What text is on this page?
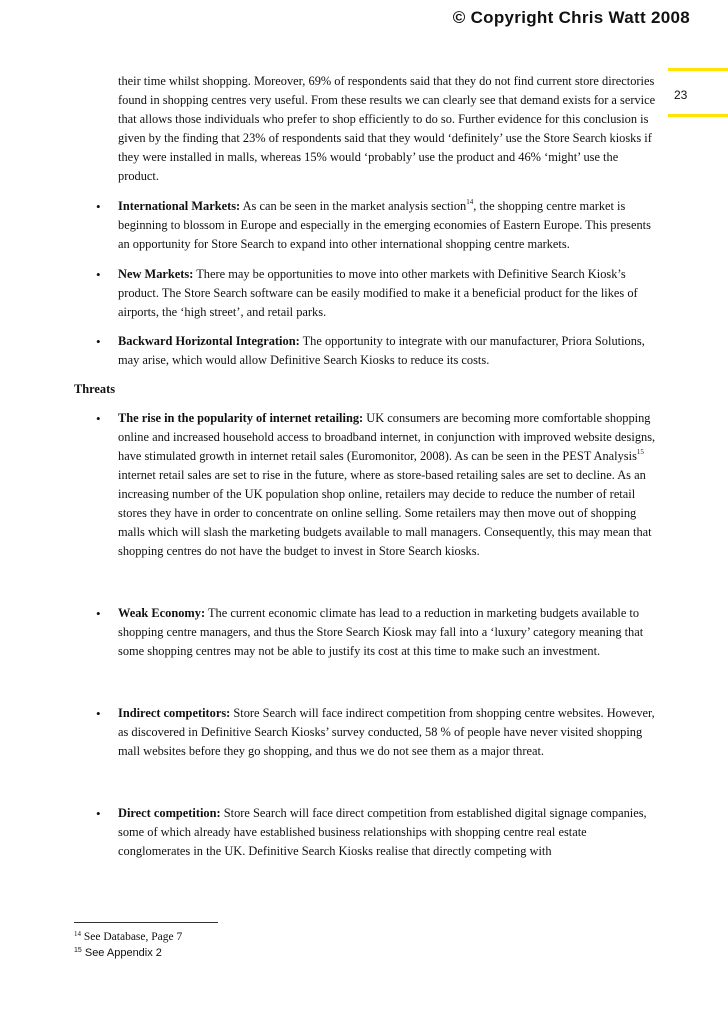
© Copyright Chris Watt 2008
23
their time whilst shopping. Moreover, 69% of respondents said that they do not find current store directories found in shopping centres very useful. From these results we can clearly see that demand exists for a service that allows those individuals who prefer to shop efficiently to do so. Further evidence for this conclusion is given by the finding that 23% of respondents said that they would ‘definitely’ use the Store Search kiosks if they were installed in malls, whereas 15% would ‘probably’ use the product and 46% ‘might’ use the product.
• International Markets: As can be seen in the market analysis section$^{14}$, the shopping centre market is beginning to blossom in Europe and especially in the emerging economies of Eastern Europe. This presents an opportunity for Store Search to expand into other international shopping centre markets.
• New Markets: There may be opportunities to move into other markets with Definitive Search Kiosk’s product. The Store Search software can be easily modified to make it a beneficial product for the likes of airports, the ‘high street’, and retail parks.
• Backward Horizontal Integration: The opportunity to integrate with our manufacturer, Priora Solutions, may arise, which would allow Definitive Search Kiosks to reduce its costs.
Threats
• The rise in the popularity of internet retailing: UK consumers are becoming more comfortable shopping online and increased household access to broadband internet, in conjunction with improved website designs, have stimulated growth in internet retail sales (Euromonitor, 2008). As can be seen in the PEST Analysis$^{15}$ internet retail sales are set to rise in the future, where as store-based retailing sales are set to decline. As an increasing number of the UK population shop online, retailers may decide to reduce the number of retail stores they have in order to concentrate on online selling. Some retailers may then move out of shopping malls which will slash the marketing budgets available to mall managers. Consequently, this may mean that shopping centres do not have the budget to invest in Store Search kiosks.
• Weak Economy: The current economic climate has lead to a reduction in marketing budgets available to shopping centre managers, and thus the Store Search Kiosk may fall into a ‘luxury’ category meaning that some shopping centres may not be able to justify its cost at this time to make such an investment.
• Indirect competitors: Store Search will face indirect competition from shopping centre websites. However, as discovered in Definitive Search Kiosks’ survey conducted, 58 % of people have never visited shopping mall websites before they go shopping, and thus we do not see them as a major threat.
• Direct competition: Store Search will face direct competition from established digital signage companies, some of which already have established business relationships with shopping centre real estate conglomerates in the UK. Definitive Search Kiosks realise that directly competing with
$^{14}$ See Database, Page 7
$^{15}$ See Appendix 2
